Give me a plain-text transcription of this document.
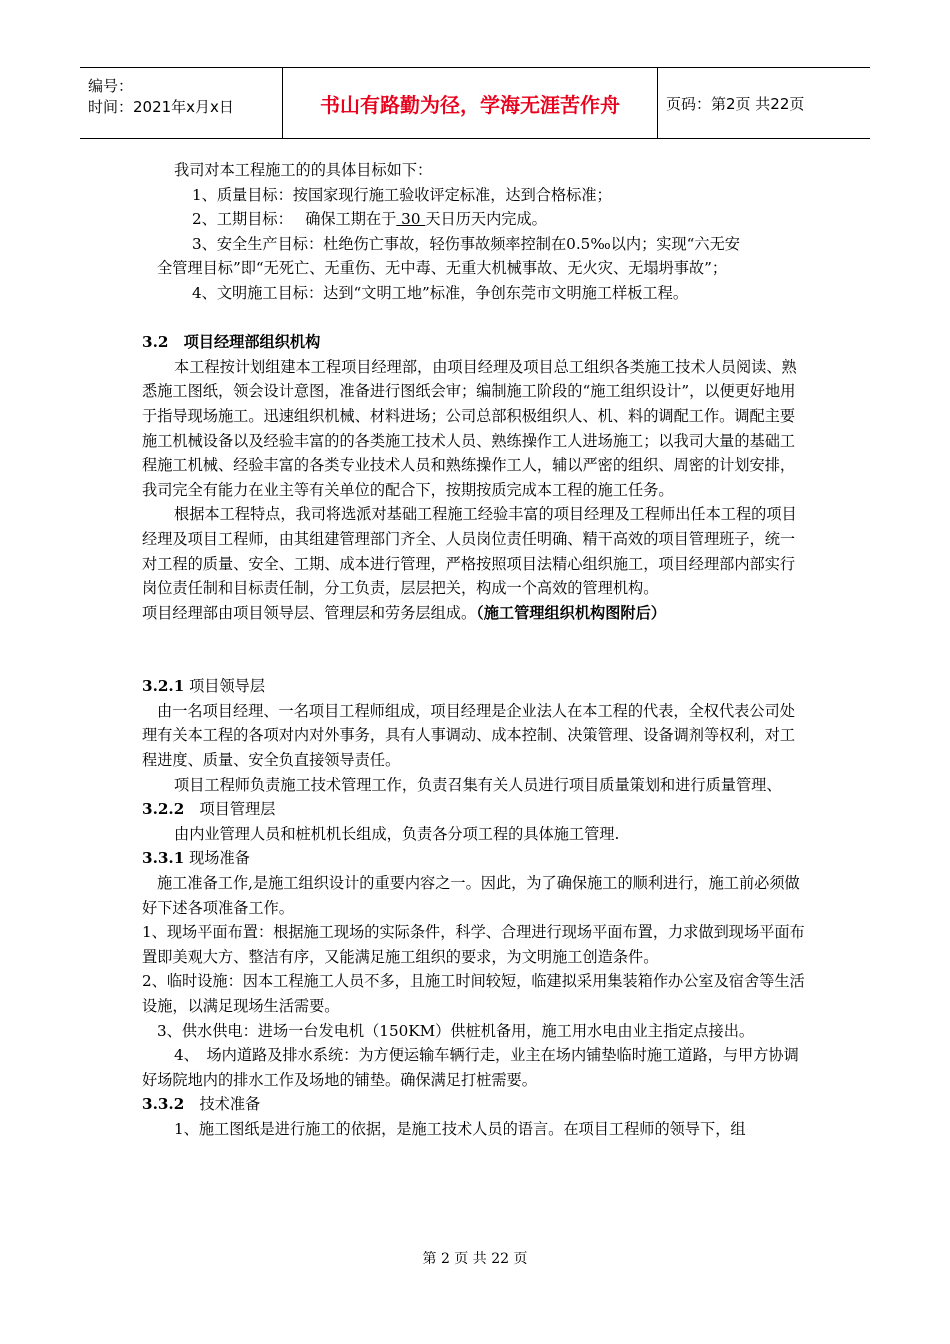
编号：
时间：2021年x月x日	书山有路勤为径，学海无涯苦作舟	页码：第2页 共22页

我司对本工程施工的的具体目标如下：

1、质量目标：按国家现行施工验收评定标准，达到合格标准；

2、工期目标：　 确保工期在于 30 天日历天内完成。

3、安全生产目标：杜绝伤亡事故，轻伤事故频率控制在0.5‰以内；实现“六无安

全管理目标”即“无死亡、无重伤、无中毒、无重大机械事故、无火灾、无塌坍事故”；

4、文明施工目标：达到“文明工地”标准，争创东莞市文明施工样板工程。

3.2　项目经理部组织机构

本工程按计划组建本工程项目经理部，由项目经理及项目总工组织各类施工技术人员阅读、熟悉施工图纸，领会设计意图，准备进行图纸会审；编制施工阶段的“施工组织设计”，以便更好地用于指导现场施工。迅速组织机械、材料进场；公司总部积极组织人、机、料的调配工作。调配主要施工机械设备以及经验丰富的的各类施工技术人员、熟练操作工人进场施工；以我司大量的基础工程施工机械、经验丰富的各类专业技术人员和熟练操作工人，辅以严密的组织、周密的计划安排，我司完全有能力在业主等有关单位的配合下，按期按质完成本工程的施工任务。

根据本工程特点，我司将选派对基础工程施工经验丰富的项目经理及工程师出任本工程的项目经理及项目工程师，由其组建管理部门齐全、人员岗位责任明确、精干高效的项目管理班子，统一对工程的质量、安全、工期、成本进行管理，严格按照项目法精心组织施工，项目经理部内部实行岗位责任制和目标责任制，分工负责，层层把关，构成一个高效的管理机构。

项目经理部由项目领导层、管理层和劳务层组成。（施工管理组织机构图附后）

3.2.1 项目领导层

由一名项目经理、一名项目工程师组成，项目经理是企业法人在本工程的代表，全权代表公司处理有关本工程的各项对内对外事务，具有人事调动、成本控制、决策管理、设备调剂等权利，对工程进度、质量、安全负直接领导责任。

项目工程师负责施工技术管理工作，负责召集有关人员进行项目质量策划和进行质量管理、

3.2.2　项目管理层

由内业管理人员和桩机机长组成，负责各分项工程的具体施工管理.

3.3.1 现场准备

施工准备工作,是施工组织设计的重要内容之一。因此，为了确保施工的顺利进行，施工前必须做好下述各项准备工作。

1、现场平面布置：根据施工现场的实际条件，科学、合理进行现场平面布置，力求做到现场平面布置即美观大方、整洁有序，又能满足施工组织的要求，为文明施工创造条件。

2、临时设施：因本工程施工人员不多，且施工时间较短，临建拟采用集装箱作办公室及宿舍等生活设施，以满足现场生活需要。

3、供水供电：进场一台发电机（150KM）供桩机备用，施工用水电由业主指定点接出。

4、　场内道路及排水系统：为方便运输车辆行走，业主在场内铺垫临时施工道路，与甲方协调好场院地内的排水工作及场地的铺垫。确保满足打桩需要。

3.3.2　技术准备

1、施工图纸是进行施工的依据，是施工技术人员的语言。在项目工程师的领导下，组

第 2 页 共 22 页
